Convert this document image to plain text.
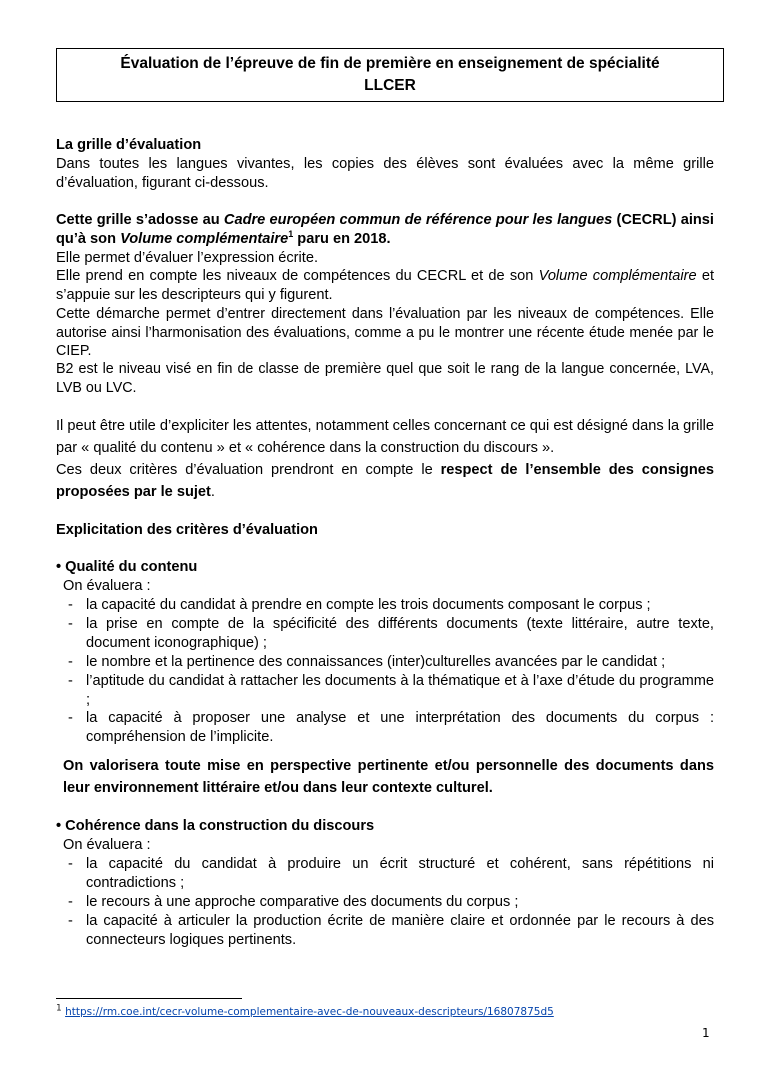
Évaluation de l’épreuve de fin de première en enseignement de spécialité
LLCER

La grille d’évaluation

Dans toutes les langues vivantes, les copies des élèves sont évaluées avec la même grille d’évaluation, figurant ci-dessous.

Cette grille s’adosse au Cadre européen commun de référence pour les langues (CECRL) ainsi qu’à son Volume complémentaire$^1$ paru en 2018.

Elle permet d’évaluer l’expression écrite.

Elle prend en compte les niveaux de compétences du CECRL et de son Volume complémentaire et s’appuie sur les descripteurs qui y figurent.

Cette démarche permet d’entrer directement dans l’évaluation par les niveaux de compétences. Elle autorise ainsi l’harmonisation des évaluations, comme a pu le montrer une récente étude menée par le CIEP.

B2 est le niveau visé en fin de classe de première quel que soit le rang de la langue concernée, LVA, LVB ou LVC.

Il peut être utile d’expliciter les attentes, notamment celles concernant ce qui est désigné dans la grille par « qualité du contenu » et « cohérence dans la construction du discours ».

Ces deux critères d’évaluation prendront en compte le respect de l’ensemble des consignes proposées par le sujet.

Explicitation des critères d’évaluation

• Qualité du contenu

On évaluera :

- la capacité du candidat à prendre en compte les trois documents composant le corpus ;
- la prise en compte de la spécificité des différents documents (texte littéraire, autre texte, document iconographique) ;
- le nombre et la pertinence des connaissances (inter)culturelles avancées par le candidat ;
- l’aptitude du candidat à rattacher les documents à la thématique et à l’axe d’étude du programme ;
- la capacité à proposer une analyse et une interprétation des documents du corpus : compréhension de l’implicite.

On valorisera toute mise en perspective pertinente et/ou personnelle des documents dans leur environnement littéraire et/ou dans leur contexte culturel.

• Cohérence dans la construction du discours

On évaluera :

- la capacité du candidat à produire un écrit structuré et cohérent, sans répétitions ni contradictions ;
- le recours à une approche comparative des documents du corpus ;
- la capacité à articuler la production écrite de manière claire et ordonnée par le recours à des connecteurs logiques pertinents.
$^1$ https://rm.coe.int/cecr-volume-complementaire-avec-de-nouveaux-descripteurs/16807875d5
1
